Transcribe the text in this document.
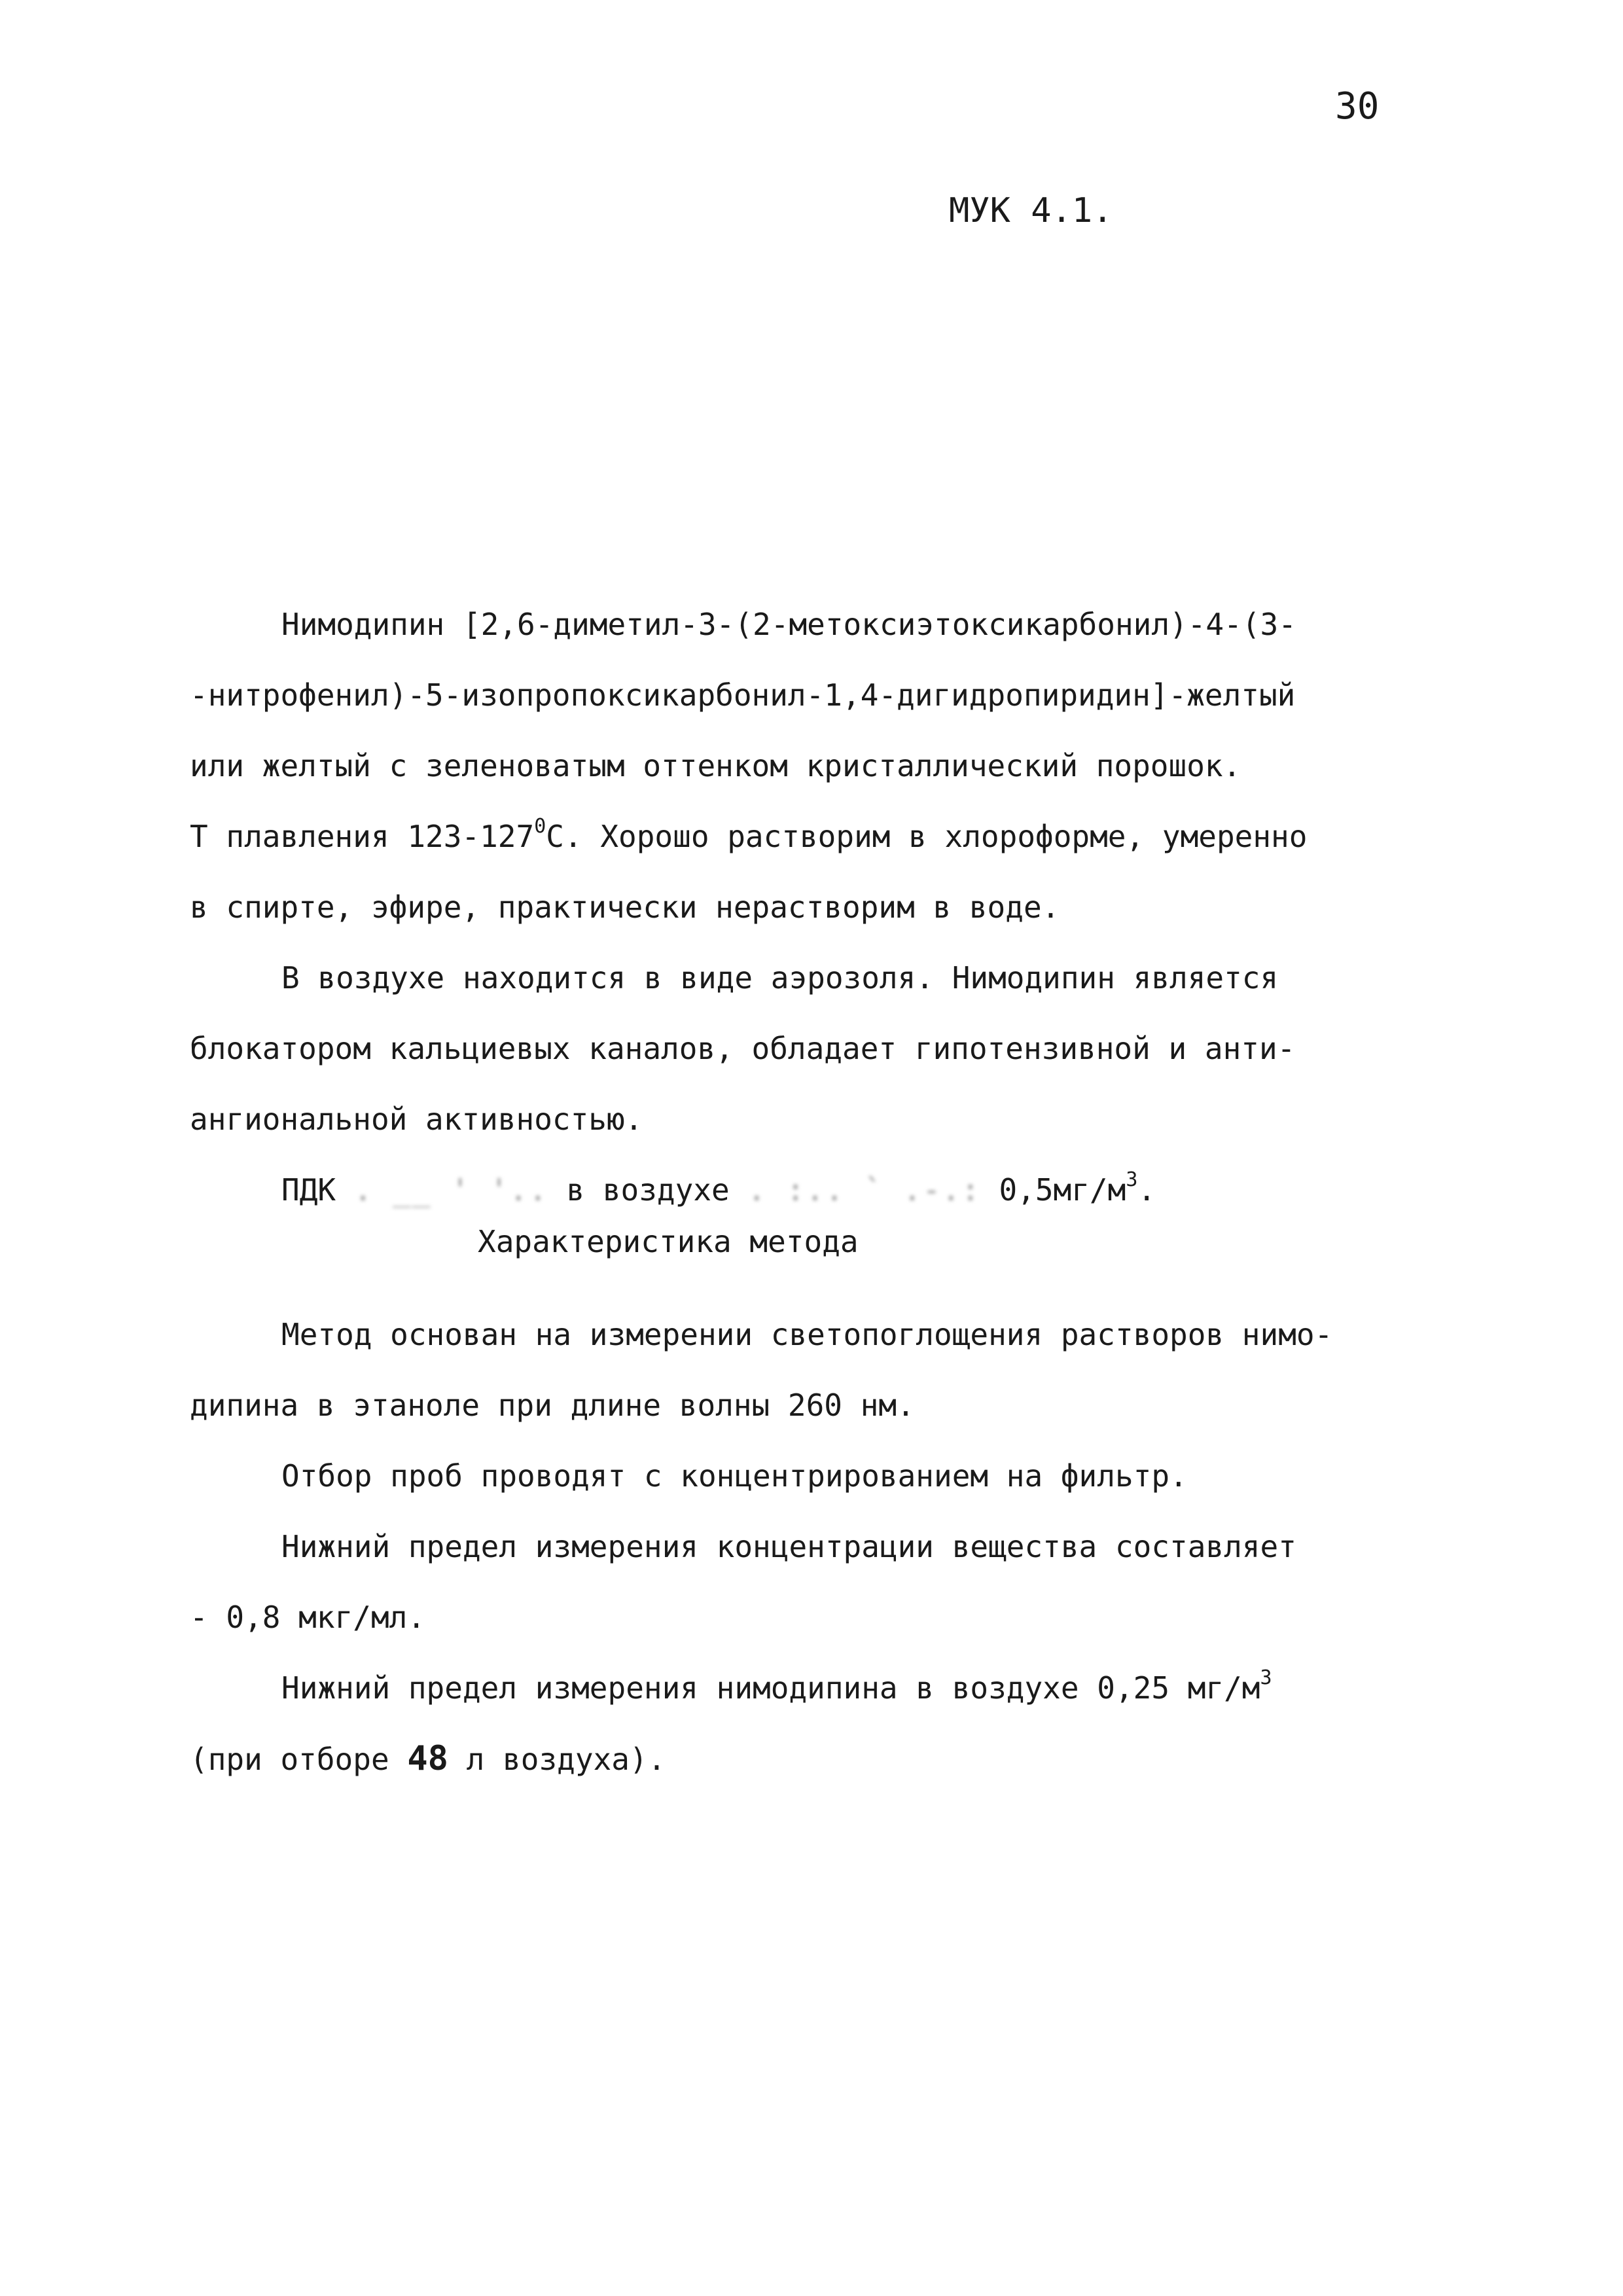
30
МУК 4.1.

Нимодипин [2,6-диметил-3-(2-метоксиэтоксикарбонил)-4-(3-

-нитрофенил)-5-изопропоксикарбонил-1,4-дигидропиридин]-желтый

или желтый с зеленоватым оттенком кристаллический порошок.

Т плавления $123-127^0С$. Хорошо растворим в хлороформе, умеренно

в спирте, эфире, практически нерастворим в воде.

В воздухе находится в виде аэрозоля. Нимодипин является

блокатором кальциевых каналов, обладает гипотензивной и анти-

ангиональной активностью.

ПДК . __ ' '.. в воздухе . :.. ` .-.: $0,5мг/м^3$.

Характеристика метода

Метод основан на измерении светопоглощения растворов нимо-

дипина в этаноле при длине волны 260 нм.

Отбор проб проводят с концентрированием на фильтр.

Нижний предел измерения концентрации вещества составляет

- 0,8 мкг/мл.

Нижний предел измерения нимодипина в воздухе 0,25 $мг/м^3$

(при отборе 48 л воздуха).
